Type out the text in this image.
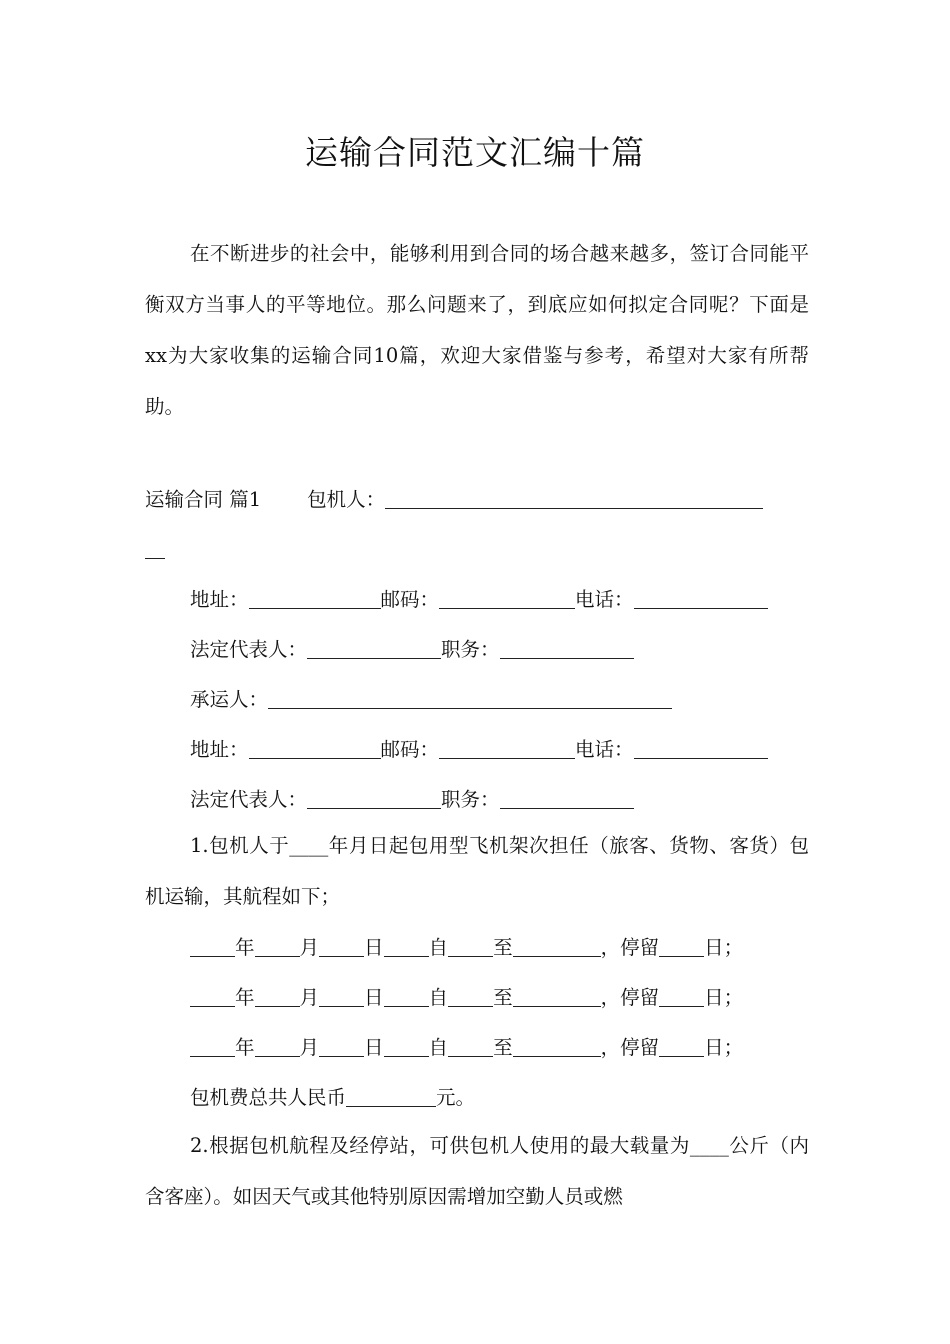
运输合同范文汇编十篇

在不断进步的社会中，能够利用到合同的场合越来越多，签订合同能平衡双方当事人的平等地位。那么问题来了，到底应如何拟定合同呢？下面是xx为大家收集的运输合同10篇，欢迎大家借鉴与参考，希望对大家有所帮助。

运输合同 篇1 包机人：
地址：	邮码：	电话：
法定代表人：	职务：
承运人：
地址：	邮码：	电话：
法定代表人：	职务：

1.包机人于____年月日起包用型飞机架次担任（旅客、货物、客货）包机运输，其航程如下；

年 月 日 自 至	，停留 日；
年 月 日 自 至	，停留 日；
年 月 日 自 至	，停留 日；
包机费总共人民币	元。

2.根据包机航程及经停站，可供包机人使用的最大载量为____公斤（内含客座）。如因天气或其他特别原因需增加空勤人员或燃
